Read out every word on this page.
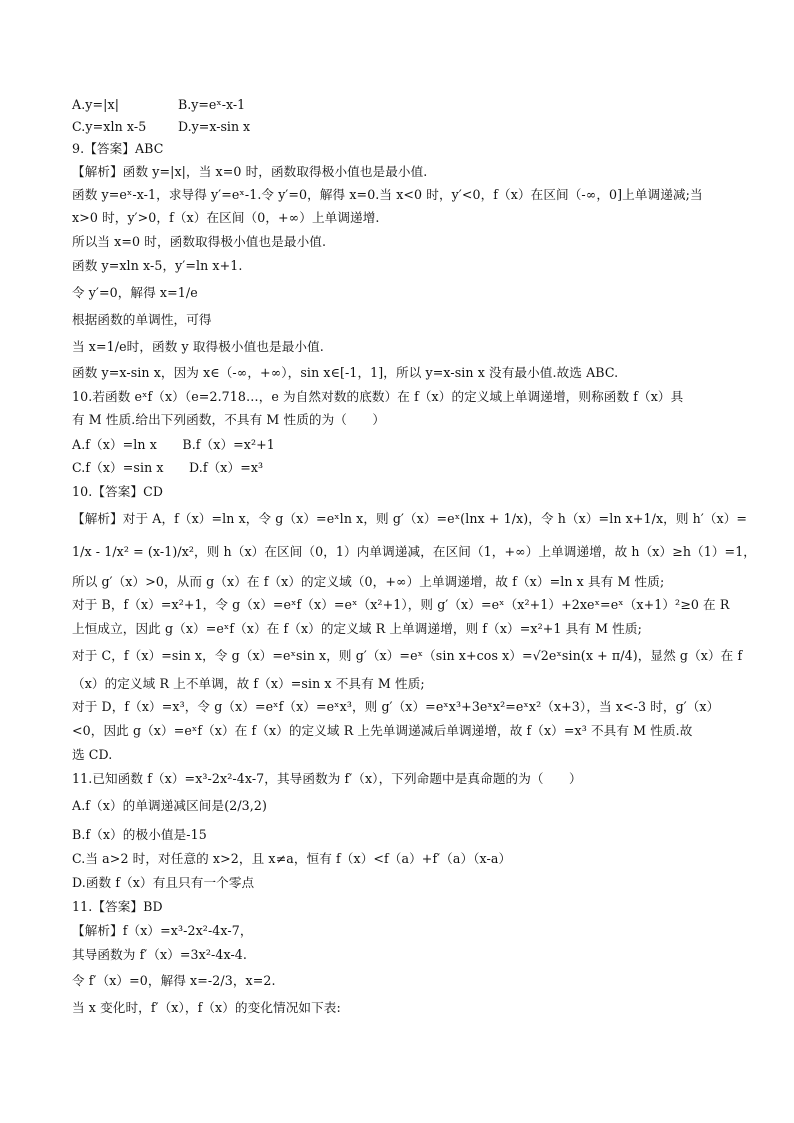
A.y=|x|	B.y=eˣ-x-1
C.y=xln x-5	D.y=x-sin x
9.【答案】ABC
【解析】函数 y=|x|，当 x=0 时，函数取得极小值也是最小值.
函数 y=eˣ-x-1，求导得 y′=eˣ-1.令 y′=0，解得 x=0.当 x<0 时，y′<0，f（x）在区间（-∞，0]上单调递减;当
x>0 时，y′>0，f（x）在区间（0，+∞）上单调递增.
所以当 x=0 时，函数取得极小值也是最小值.
函数 y=xln x-5，y′=ln x+1.
令 y′=0，解得 x=1/e
根据函数的单调性，可得
当 x=1/e时，函数 y 取得极小值也是最小值.
函数 y=x-sin x，因为 x∈（-∞，+∞），sin x∈[-1，1]，所以 y=x-sin x 没有最小值.故选 ABC.
10.若函数 eˣf（x）（e=2.718…，e 为自然对数的底数）在 f（x）的定义域上单调递增，则称函数 f（x）具
有 M 性质.给出下列函数，不具有 M 性质的为（　　）
A.f（x）=ln x　　B.f（x）=x²+1
C.f（x）=sin x　　D.f（x）=x³
10.【答案】CD
【解析】对于 A，f（x）=ln x，令 g（x）=eˣln x，则 g′（x）=eˣ(lnx + 1/x)，令 h（x）=ln x+1/x，则 h′（x）=
1/x - 1/x² = (x-1)/x²，则 h（x）在区间（0，1）内单调递减，在区间（1，+∞）上单调递增，故 h（x）≥h（1）=1，
所以 g′（x）>0，从而 g（x）在 f（x）的定义域（0，+∞）上单调递增，故 f（x）=ln x 具有 M 性质;
对于 B，f（x）=x²+1，令 g（x）=eˣf（x）=eˣ（x²+1），则 g′（x）=eˣ（x²+1）+2xeˣ=eˣ（x+1）²≥0 在 R
上恒成立，因此 g（x）=eˣf（x）在 f（x）的定义域 R 上单调递增，则 f（x）=x²+1 具有 M 性质;
对于 C，f（x）=sin x，令 g（x）=eˣsin x，则 g′（x）=eˣ（sin x+cos x）=√2eˣsin(x + π/4)，显然 g（x）在 f
（x）的定义域 R 上不单调，故 f（x）=sin x 不具有 M 性质;
对于 D，f（x）=x³，令 g（x）=eˣf（x）=eˣx³，则 g′（x）=eˣx³+3eˣx²=eˣx²（x+3），当 x<-3 时，g′（x）
<0，因此 g（x）=eˣf（x）在 f（x）的定义域 R 上先单调递减后单调递增，故 f（x）=x³ 不具有 M 性质.故
选 CD.
11.已知函数 f（x）=x³-2x²-4x-7，其导函数为 f′（x），下列命题中是真命题的为（　　）
A.f（x）的单调递减区间是(2/3,2)
B.f（x）的极小值是-15
C.当 a>2 时，对任意的 x>2，且 x≠a，恒有 f（x）<f（a）+f′（a）（x-a）
D.函数 f（x）有且只有一个零点
11.【答案】BD
【解析】f（x）=x³-2x²-4x-7，
其导函数为 f′（x）=3x²-4x-4.
令 f′（x）=0，解得 x=-2/3，x=2.
当 x 变化时，f′（x），f（x）的变化情况如下表:
